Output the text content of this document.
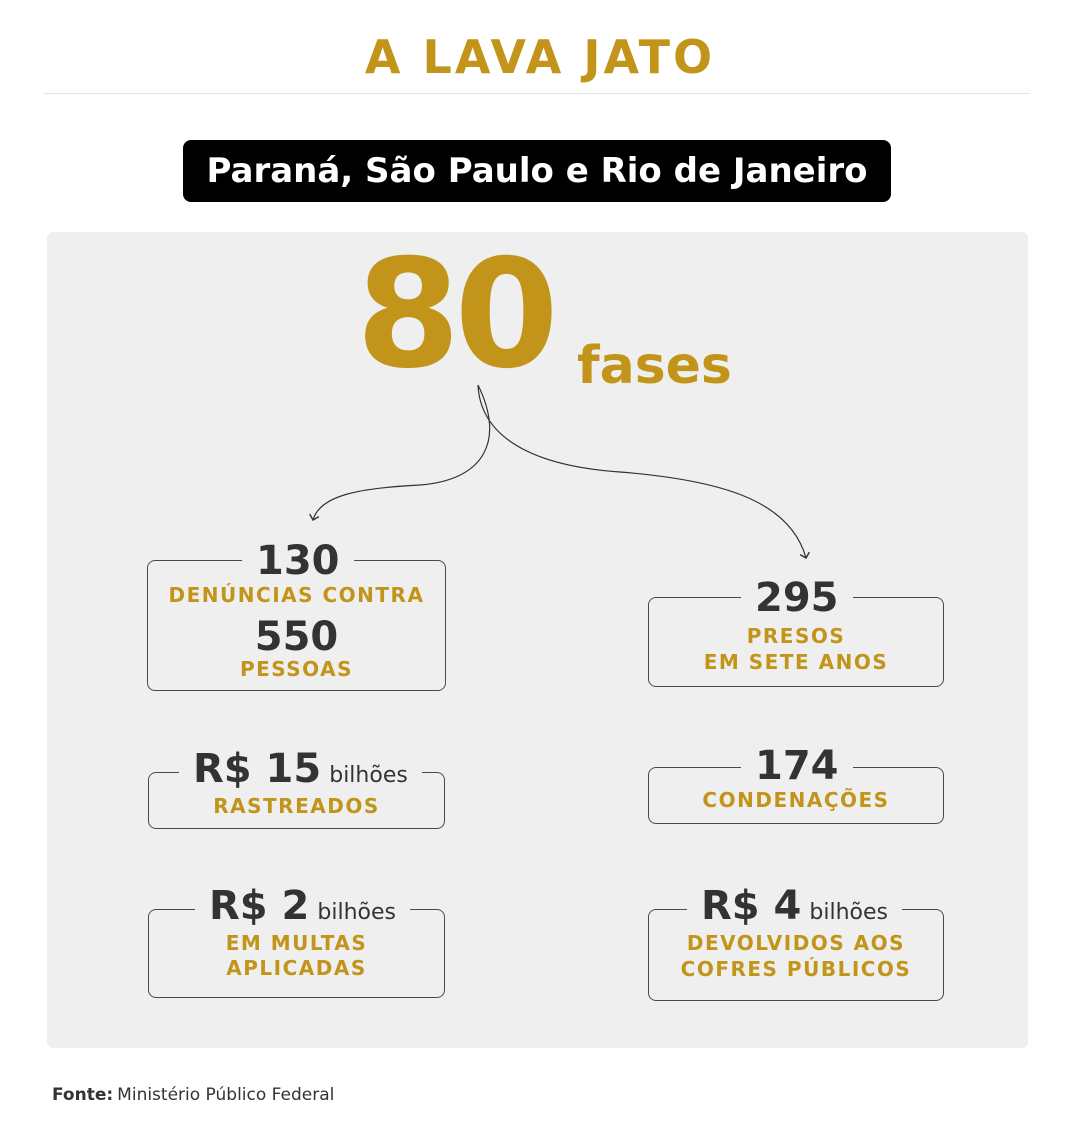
A LAVA JATO
Paraná, São Paulo e Rio de Janeiro
80 fases
130
DENÚNCIAS CONTRA
550
PESSOAS
295
PRESOS
EM SETE ANOS
R$ 15 bilhões
RASTREADOS
174
CONDENAÇÕES
R$ 2 bilhões
EM MULTAS
APLICADAS
R$ 4 bilhões
DEVOLVIDOS AOS
COFRES PÚBLICOS
Fonte: Ministério Público Federal
